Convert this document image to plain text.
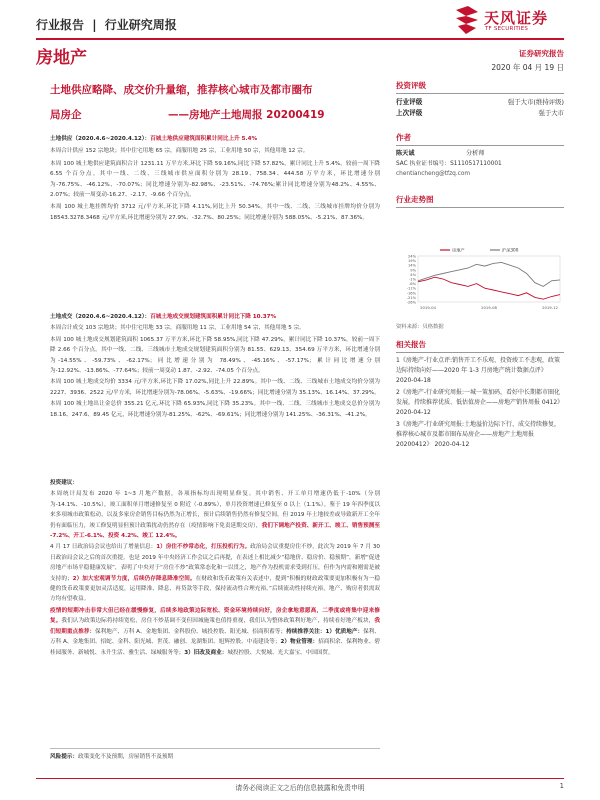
行业报告 | 行业研究周报	天风证券
TF SECURITIES
房地产	证券研究报告
2020 年 04 月 19 日
土地供应略降、成交价升量缩，推荐核心城市及都市圈布
局房企	——房地产土地周报 20200419

土地供应（2020.4.6~2020.4.12）：百城土地供应建筑面积累计同比上升 5.4%

本周合计供应 152 宗地块；其中住宅用地 65 宗，商服用地 25 宗，工业用地 50 宗，其他用地 12 宗。

本周 100 城土地供应建筑面积合计 1231.11 万平方米,环比下降 59.16%,同比下降 57.82%，累计同比上升 5.4%。较前一周下降 6.55 个百分点。其中一线、二线、三线城市供应面积分别为 28.19、758.34、444.58 万平方米，环比增速分别为-76.75%、-46.12%、-70.07%；同比增速分别为-82.98%、-23.51%、-74.76%;累计同比增速分别为48.2%、4.55%、2.07%；较前一周变动-16.27、-2.17、-9.66 个百分点。

本周 100 城土地挂牌均价 3712 元/平方米,环比下降 4.11%,同比上升 50.34%。其中一线、二线、三线城市挂牌均价分别为 18543.3278.3468 元/平方米,环比增速分别为 27.9%、-32.7%、80.25%；同比增速分别为 588.05%、-5.21%、87.36%。

土地成交（2020.4.6~2020.4.12）：百城土地成交规划建筑面积累计同比下降 10.37%

本周合计成交 103 宗地块；其中住宅用地 33 宗，商服用地 11 宗，工业用地 54 宗，其他用地 5 宗。

本周 100 城土地成交规划建筑面积 1065.37 万平方米,环比下降 58.95%,同比下降 47.29%，累计同比下降 10.37%，较前一周下降 2.66 个百分点。其中一线、二线、三线城市土地成交规划建筑面积分别为 81.55、629.13、354.69 万平方米，环比增速分别为-14.55%、-59.73%、-62.17%；同比增速分别为 78.49%、-45.16%、-57.17%；累计同比增速分别为-12.92%、-13.86%、-77.64%；较前一周变动 1.87、-2.92、-74.05 个百分点。

本周 100 城土地成交均价 3334 元/平方米,环比下降 17.02%,同比上升 22.89%。其中一线、二线、三线城市土地成交均价分别为 2227、3936、2522 元/平方米，环比增速分别为-78.06%、-5.63%、-19.66%；同比增速分别为 35.13%、16.14%、37.29%。

本周 100 城土地出让金总价 355.21 亿元,环比下降 65.93%,同比下降 35.23%。其中一线、二线、三线城市土地成交总价分别为 18.16、247.6、89.45 亿元，环比增速分别为-81.25%、-62%、-69.61%；同比增速分别为 141.25%、-36.31%、-41.2%。

投资建议：

本周统计局发布 2020 年 1~3 月地产数据，各项指标均出现明显修复。其中销售、开工单月增速仍低于-10%（分别为-14.1%、-10.5%），竣工面积单月增速修复至 0 附近（-0.89%），单月投资增速已修复至 0 以上（1.1%）。鉴于 19 年四季度以来多项城市政策松动，以及多家房企销售目标仍然为正增长，预计后续销售仍然有修复空间，但 2019 年土地较差或导致新开工全年仍有面临压力，竣工修复明显但预计政策扰动仍然存在（疫情影响下免责延期交房），我们下调地产投资、新开工、竣工、销售预测至 -7.2%、开工-6.1%、投资 4.2%、竣工 12.4%。

4 月 17 日政治局会议也给出了增量信息：1）房住不炒常态化，打压投机行为。政治局会议重提房住不炒，此次为 2019 年 7 月 30 日政治局会议之后的首次重提。也是 2019 年中央经济工作会议之后再提，在表述上相比减少“稳地价、稳房价、稳预期”，新增“促进房地产市场平稳健康发展”，表明了中央对于“房住不炒”政策常态化和一以贯之，地产作为投机需求受到打压，但作为内需和刚需是被支持的；2）加大宏观调节力度，后续仍存降息降准空间。在财政和货币政策有关表述中，提到“积极的财政政策要更加积极有为一稳健的货币政策要更加灵活适度，运用降准、降息、再贷款等手段，保持流动性合理充裕。”后续流动性持续充裕，地产、购房者供需双方均有望收益。

疫情的短期冲击非常大但已经在缓慢修复，后续多地政策边际宽松、资金环境持续向好，房企拿地意愿高，二季度或将集中迎来修复。我们认为政策边际将持续宽松，房住不炒基调不变但因城施策也值得重视，我们认为整体政策利好地产，持续看好地产板块，我们短期重点推荐：保利地产、万科 A、金地集团、金科股份、城投控股、阳光城、招商积蓄等；持续推荐关注：1）优质地产：保利、万科 A、金地集团、招蛇、金科、阳光城、世茂、融创、龙湖集团、旭辉控股、中南建设等；2）物业管理：招商积余、保利物业、碧桂园服务、新城悦、永升生活、雅生活、绿城服务等；3）旧改及商业：城投控股、大悦城、光大嘉宝、中国国贸。

风险提示：政策变化不及预期，房屋销售不及预期
投资评级
行业评级	强于大市(维持评级)
上次评级	强于大市
作者
陈天诚	分析师
SAC 执业证书编号：S1110517110001
chentiancheng@tfzq.com
行业走势图
24%
19%
14%
9%
4%
-1%
-6%
-11%
-16%
-21%
-26%
2019-04	2019-08	2019-12
房地产	沪深300
资料来源：贝格数据
相关报告

1《房地产-行业点评:销售开工不乐观、投资竣工不悲观，政策边际持续向好——2020 年 1-3 月房地产统计数据点评》 2020-04-18

2《房地产-行业研究周报:一城一策加码，看好中长期都市圈化发展，持续推荐优质、低估值房企——房地产销售周报 0412》 2020-04-12

3《房地产-行业研究周报:土地溢价边际下行、成交持续修复，推荐核心城市及都市圈布局房企——房地产土地周报 20200412》 2020-04-12

请务必阅读正文之后的信息披露和免责申明	1
